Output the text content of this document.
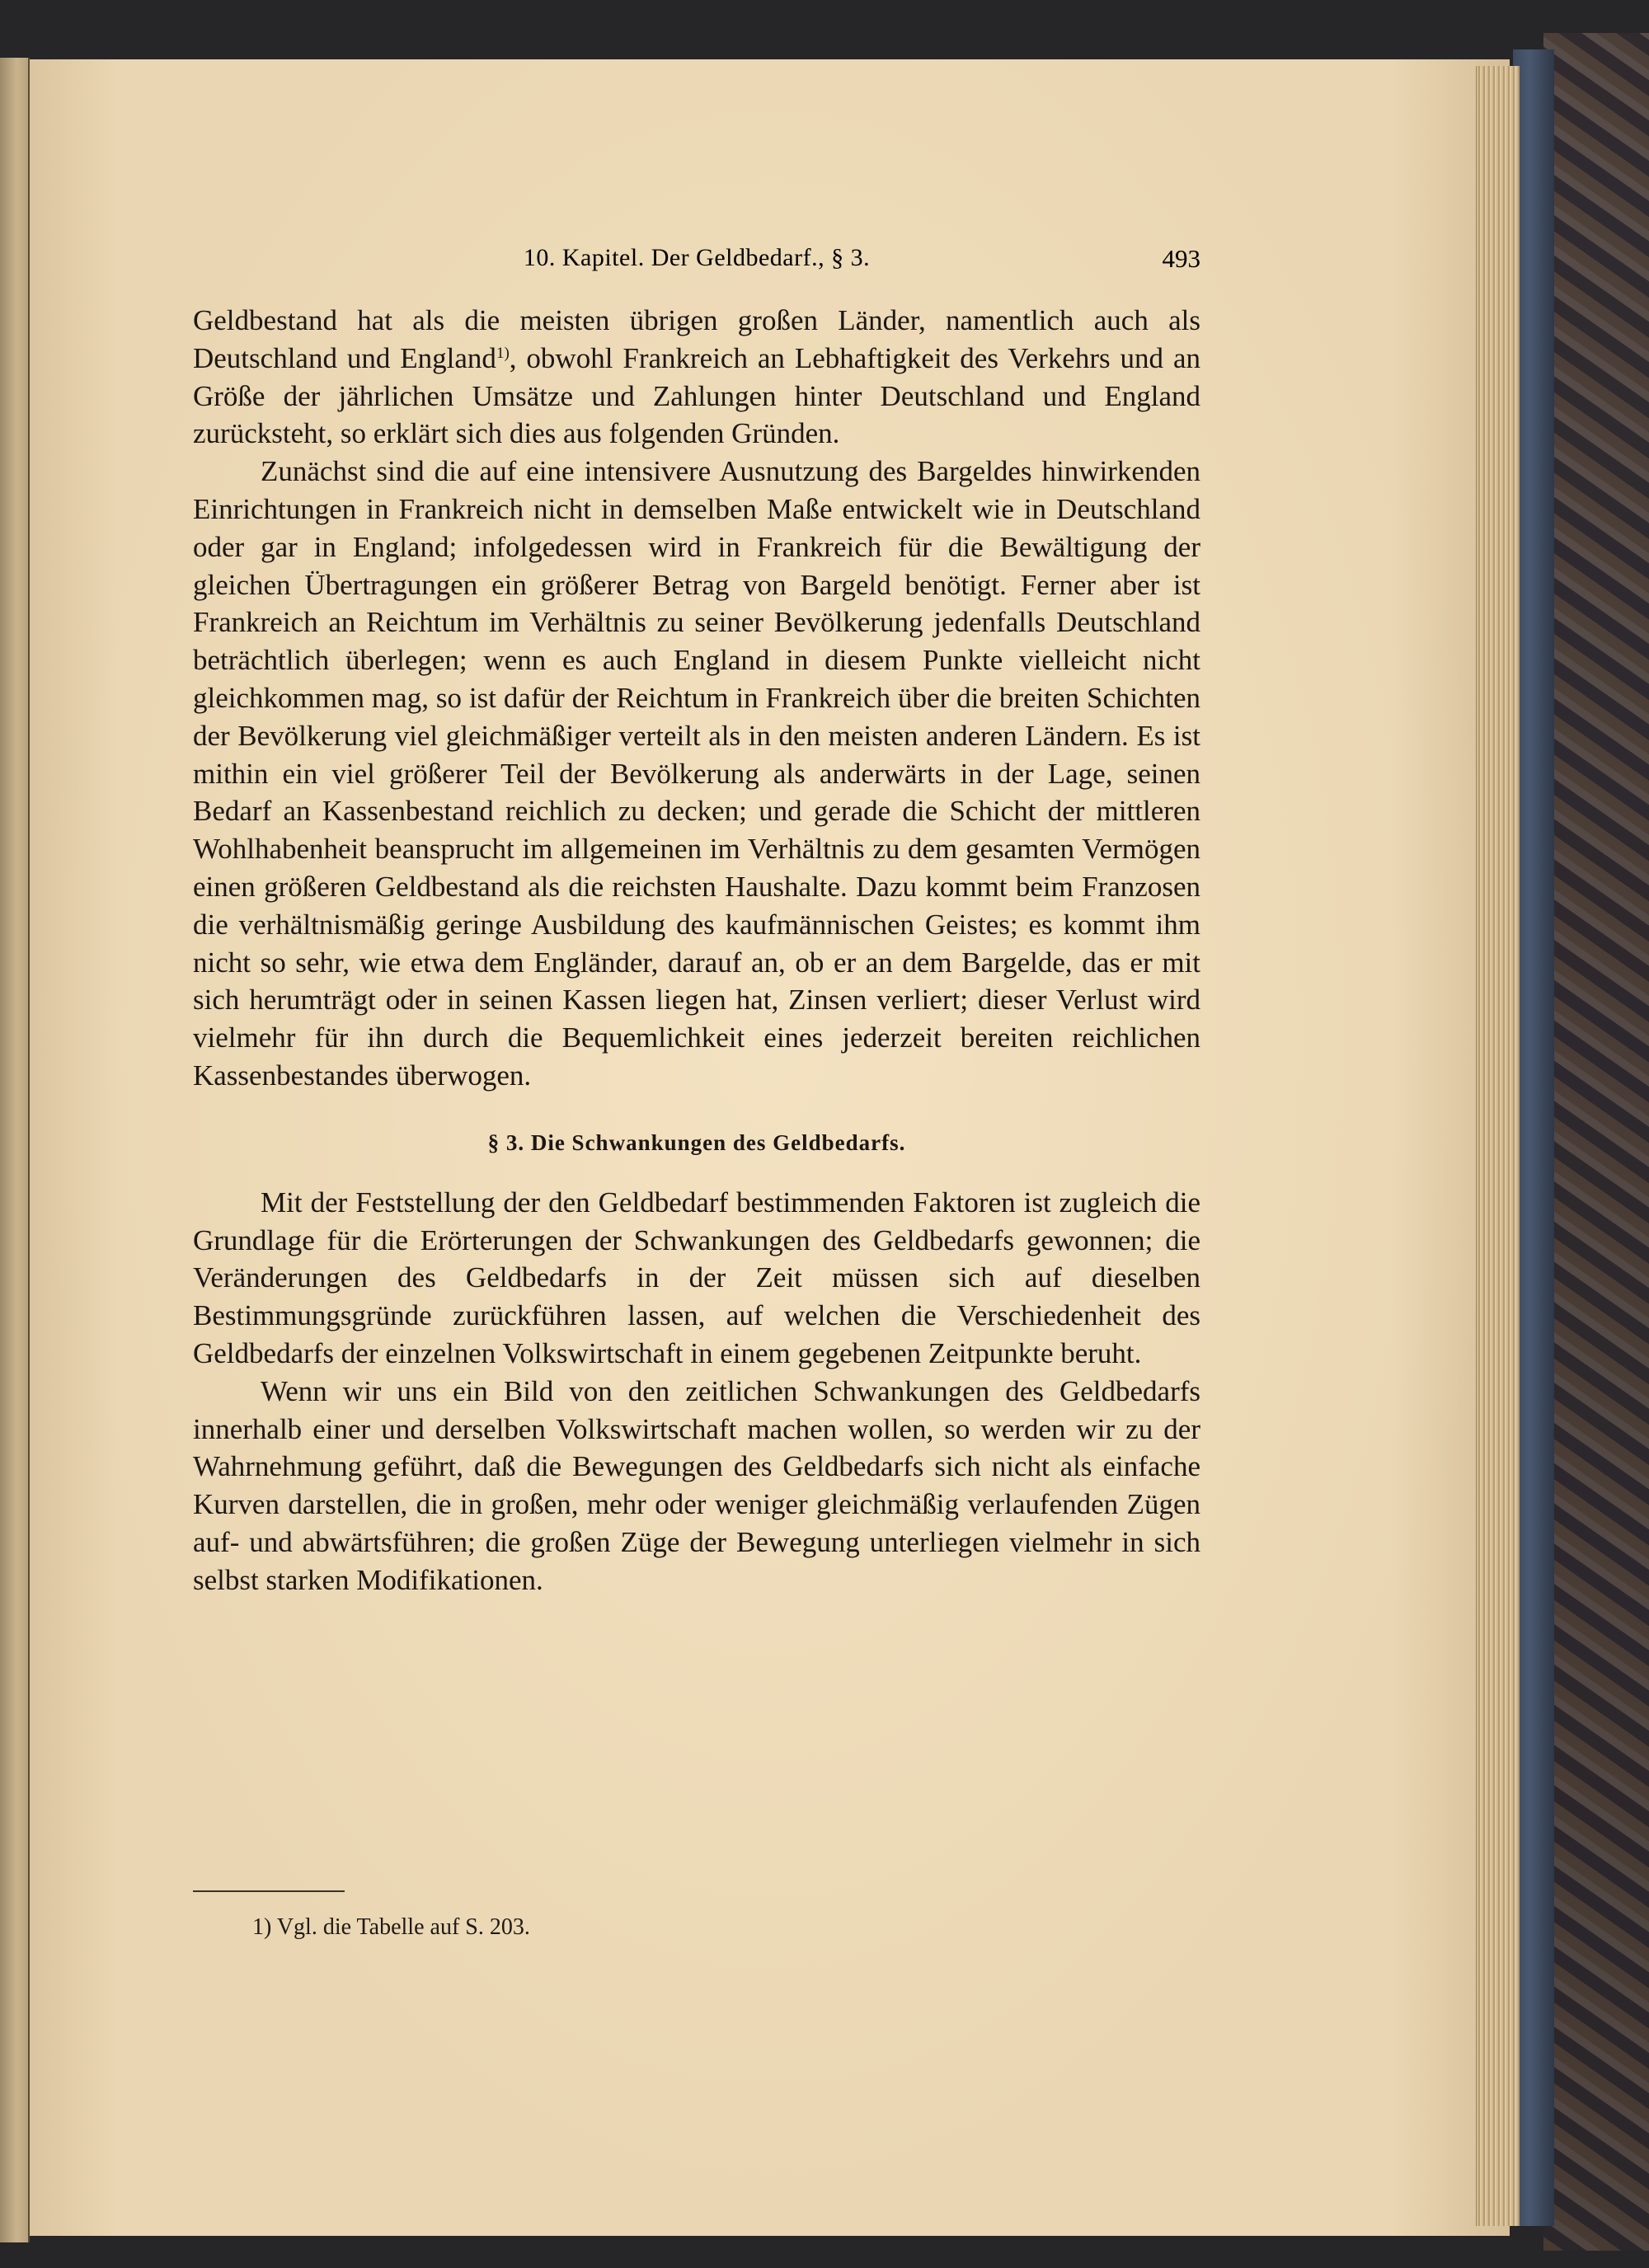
10. Kapitel. Der Geldbedarf., § 3.	493

Geldbestand hat als die meisten übrigen großen Länder, namentlich auch als Deutschland und England$^{1)}$, obwohl Frankreich an Lebhaftigkeit des Verkehrs und an Größe der jährlichen Umsätze und Zahlungen hinter Deutschland und England zurücksteht, so erklärt sich dies aus folgenden Gründen.

Zunächst sind die auf eine intensivere Ausnutzung des Bargeldes hinwirkenden Einrichtungen in Frankreich nicht in demselben Maße entwickelt wie in Deutschland oder gar in England; infolgedessen wird in Frankreich für die Bewältigung der gleichen Übertragungen ein größerer Betrag von Bargeld benötigt. Ferner aber ist Frankreich an Reichtum im Verhältnis zu seiner Bevölkerung jedenfalls Deutschland beträchtlich überlegen; wenn es auch England in diesem Punkte vielleicht nicht gleichkommen mag, so ist dafür der Reichtum in Frankreich über die breiten Schichten der Bevölkerung viel gleichmäßiger verteilt als in den meisten anderen Ländern. Es ist mithin ein viel größerer Teil der Bevölkerung als anderwärts in der Lage, seinen Bedarf an Kassenbestand reichlich zu decken; und gerade die Schicht der mittleren Wohlhabenheit beansprucht im allgemeinen im Verhältnis zu dem gesamten Vermögen einen größeren Geldbestand als die reichsten Haushalte. Dazu kommt beim Franzosen die verhältnismäßig geringe Ausbildung des kaufmännischen Geistes; es kommt ihm nicht so sehr, wie etwa dem Engländer, darauf an, ob er an dem Bargelde, das er mit sich herumträgt oder in seinen Kassen liegen hat, Zinsen verliert; dieser Verlust wird vielmehr für ihn durch die Bequemlichkeit eines jederzeit bereiten reichlichen Kassenbestandes überwogen.

§ 3. Die Schwankungen des Geldbedarfs.

Mit der Feststellung der den Geldbedarf bestimmenden Faktoren ist zugleich die Grundlage für die Erörterungen der Schwankungen des Geldbedarfs gewonnen; die Veränderungen des Geldbedarfs in der Zeit müssen sich auf dieselben Bestimmungsgründe zurückführen lassen, auf welchen die Verschiedenheit des Geldbedarfs der einzelnen Volkswirtschaft in einem gegebenen Zeitpunkte beruht.

Wenn wir uns ein Bild von den zeitlichen Schwankungen des Geldbedarfs innerhalb einer und derselben Volkswirtschaft machen wollen, so werden wir zu der Wahrnehmung geführt, daß die Bewegungen des Geldbedarfs sich nicht als einfache Kurven darstellen, die in großen, mehr oder weniger gleichmäßig verlaufenden Zügen auf- und abwärtsführen; die großen Züge der Bewegung unterliegen vielmehr in sich selbst starken Modifikationen.

1) Vgl. die Tabelle auf S. 203.
